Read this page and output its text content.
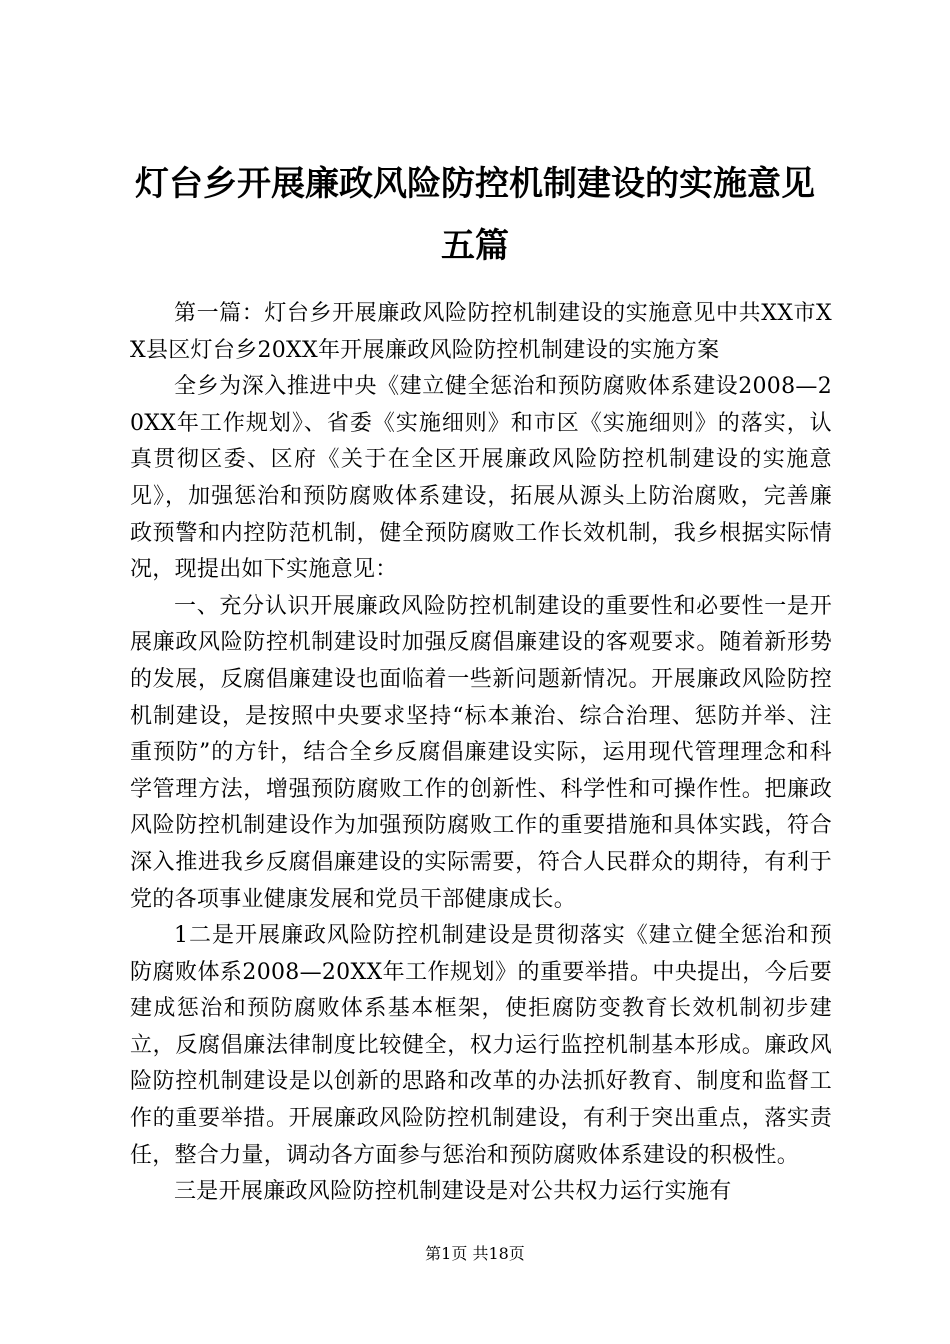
灯台乡开展廉政风险防控机制建设的实施意见
五篇

第一篇：灯台乡开展廉政风险防控机制建设的实施意见中共XX市XX县区灯台乡20XX年开展廉政风险防控机制建设的实施方案

全乡为深入推进中央《建立健全惩治和预防腐败体系建设2008—20XX年工作规划》、省委《实施细则》和市区《实施细则》的落实，认真贯彻区委、区府《关于在全区开展廉政风险防控机制建设的实施意见》，加强惩治和预防腐败体系建设，拓展从源头上防治腐败，完善廉政预警和内控防范机制，健全预防腐败工作长效机制，我乡根据实际情况，现提出如下实施意见：

一、充分认识开展廉政风险防控机制建设的重要性和必要性一是开展廉政风险防控机制建设时加强反腐倡廉建设的客观要求。随着新形势的发展，反腐倡廉建设也面临着一些新问题新情况。开展廉政风险防控机制建设，是按照中央要求坚持“标本兼治、综合治理、惩防并举、注重预防”的方针，结合全乡反腐倡廉建设实际，运用现代管理理念和科学管理方法，增强预防腐败工作的创新性、科学性和可操作性。把廉政风险防控机制建设作为加强预防腐败工作的重要措施和具体实践，符合深入推进我乡反腐倡廉建设的实际需要，符合人民群众的期待，有利于党的各项事业健康发展和党员干部健康成长。

1二是开展廉政风险防控机制建设是贯彻落实《建立健全惩治和预防腐败体系2008—20XX年工作规划》的重要举措。中央提出，今后要建成惩治和预防腐败体系基本框架，使拒腐防变教育长效机制初步建立，反腐倡廉法律制度比较健全，权力运行监控机制基本形成。廉政风险防控机制建设是以创新的思路和改革的办法抓好教育、制度和监督工作的重要举措。开展廉政风险防控机制建设，有利于突出重点，落实责任，整合力量，调动各方面参与惩治和预防腐败体系建设的积极性。

三是开展廉政风险防控机制建设是对公共权力运行实施有

第1页 共18页
